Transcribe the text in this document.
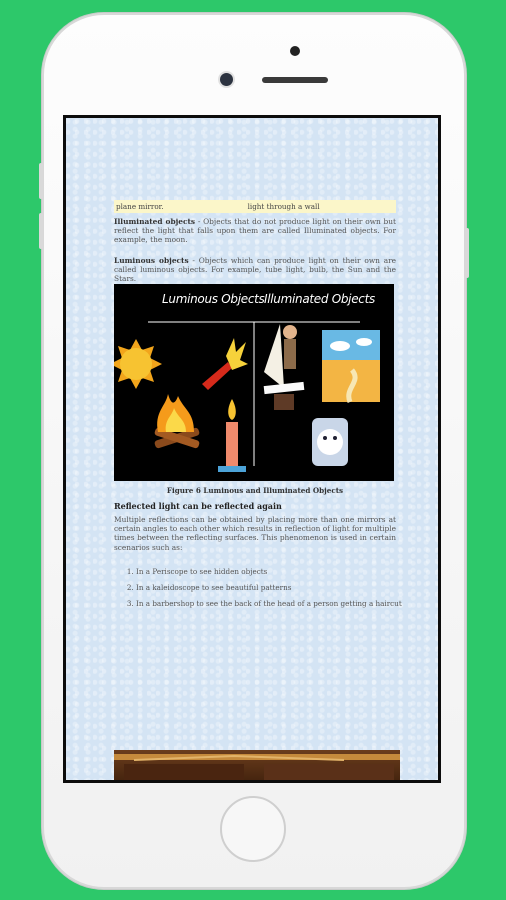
plane mirror.	light through a wall
Illuminated objects - Objects that do not produce light on their own but reflect the light that falls upon them are called Illuminated objects. For example, the moon.
Luminous objects - Objects which can produce light on their own are called luminous objects. For example, tube light, bulb, the Sun and the Stars.
Luminous Objects Illuminated Objects
Figure 6 Luminous and Illuminated Objects
Reflected light can be reflected again
Multiple reflections can be obtained by placing more than one mirrors at certain angles to each other which results in reflection of light for multiple times between the reflecting surfaces. This phenomenon is used in certain scenarios such as:
1. In a Periscope to see hidden objects
2. In a kaleidoscope to see beautiful patterns
3. In a barbershop to see the back of the head of a person getting a haircut
